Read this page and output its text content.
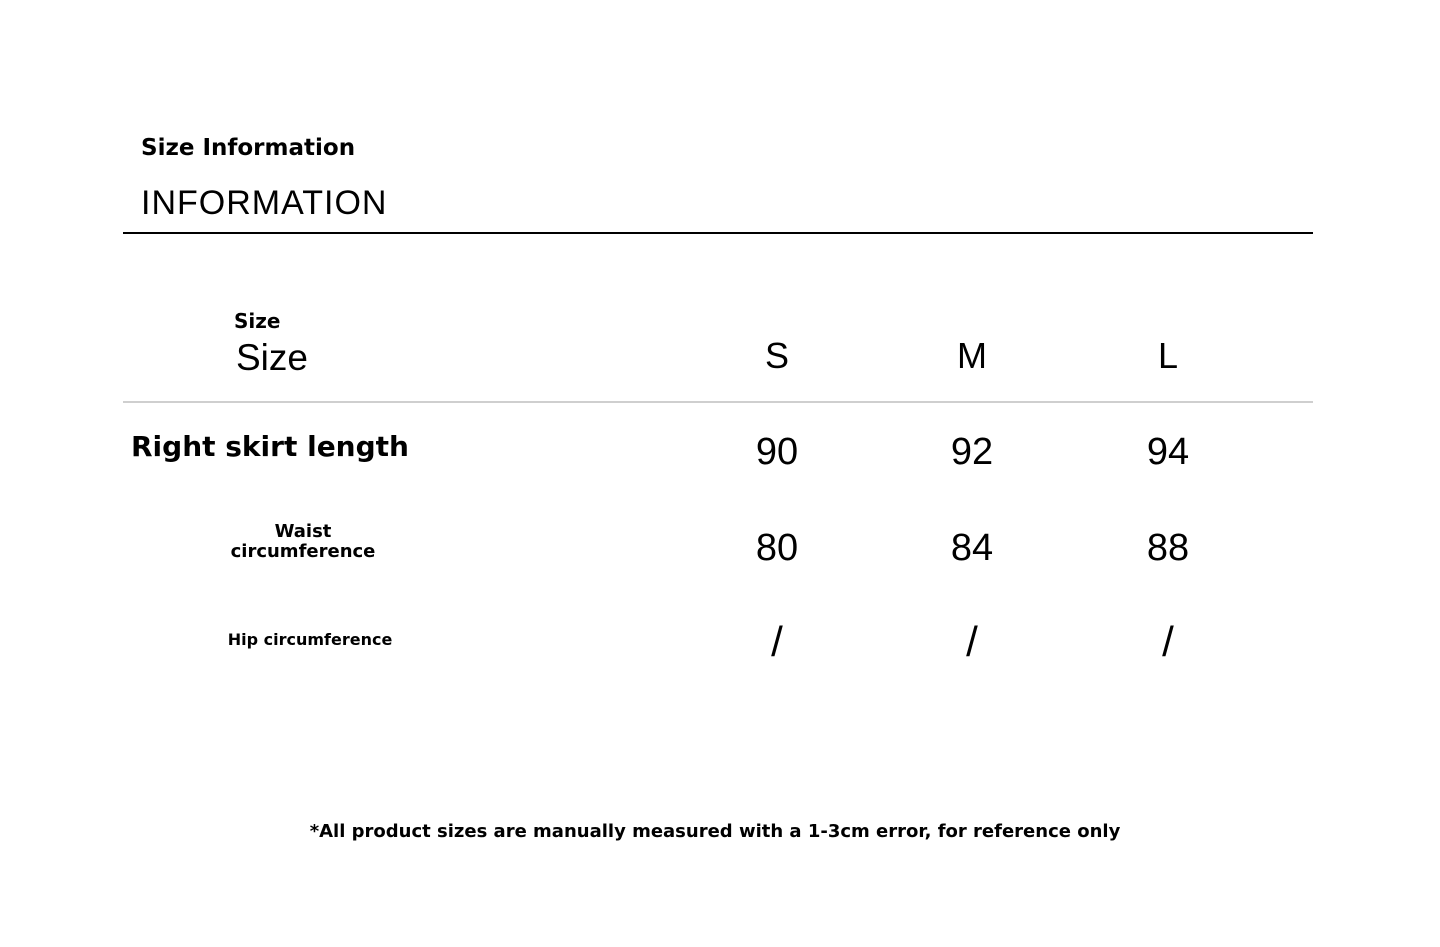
Size Information
INFORMATION
Size
Size	S	M	L
Right skirt length	90	92	94
Waist
circumference	80	84	88
Hip circumference	/	/	/
*All product sizes are manually measured with a 1-3cm error, for reference only
